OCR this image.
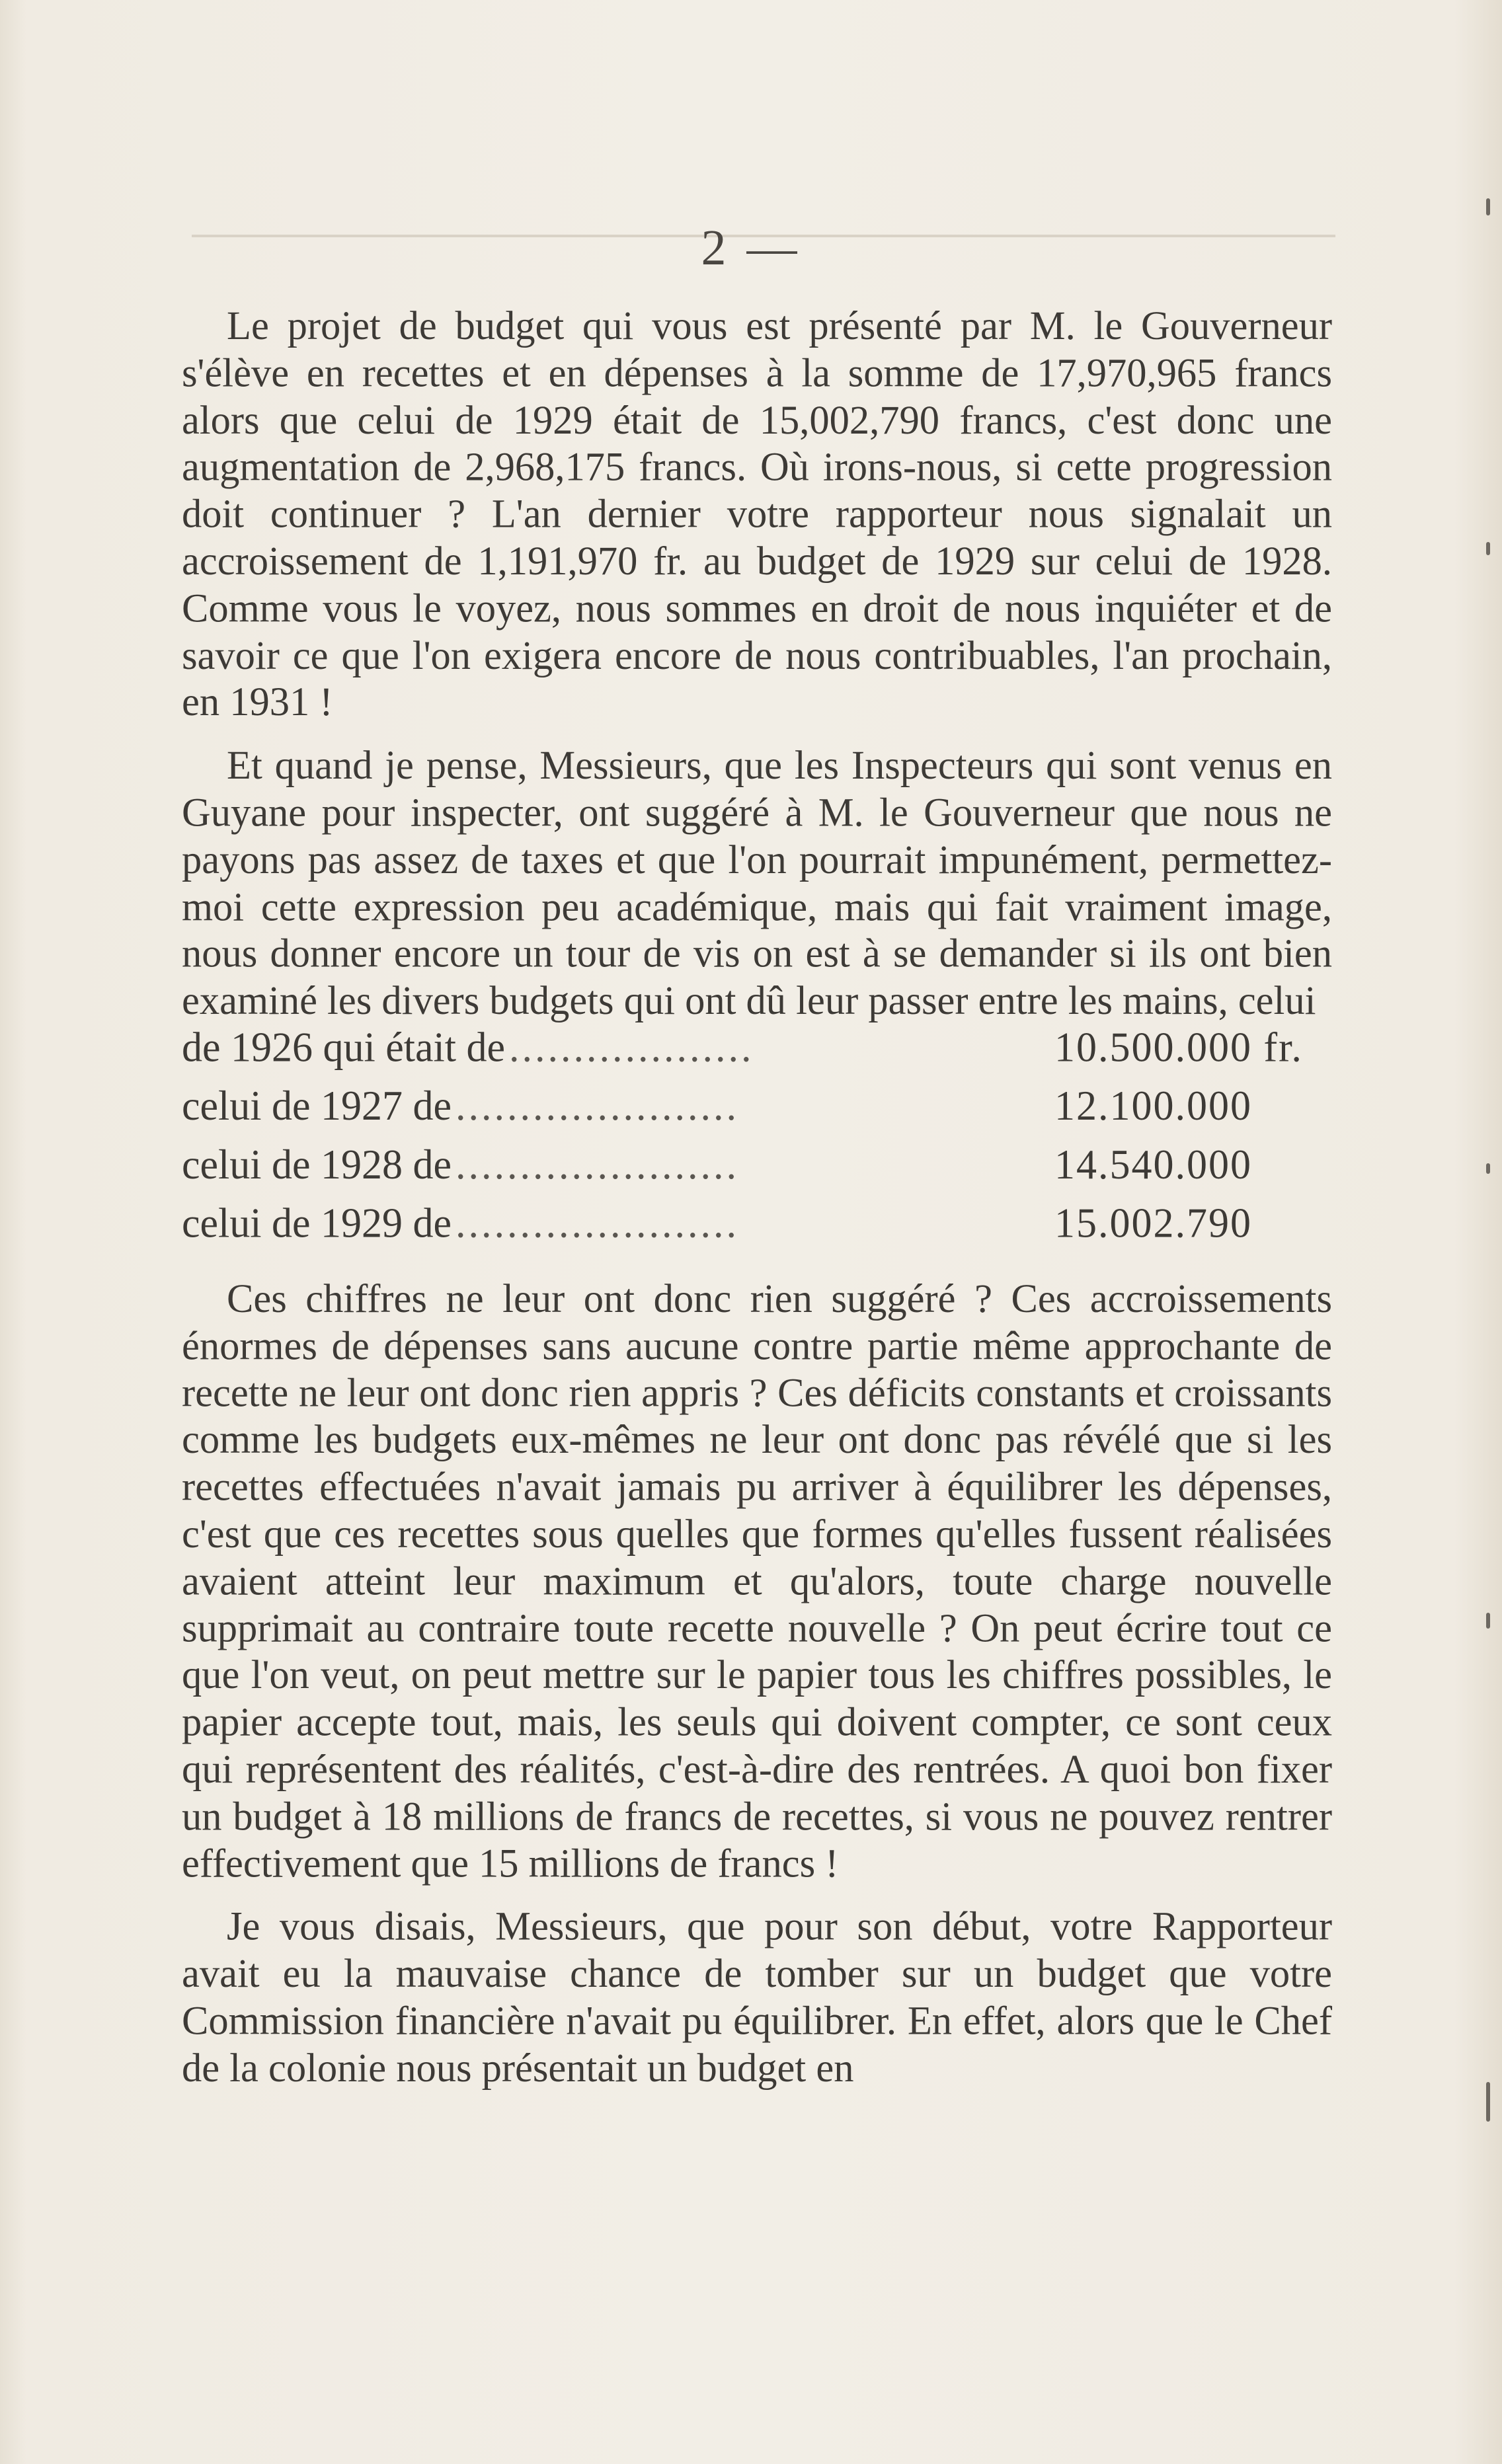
2 —

Le projet de budget qui vous est présenté par M. le Gouverneur s'élève en recettes et en dépenses à la somme de 17,970,965 francs alors que celui de 1929 était de 15,002,790 francs, c'est donc une augmentation de 2,968,175 francs. Où irons-nous, si cette progression doit continuer ? L'an dernier votre rapporteur nous signalait un accroissement de 1,191,970 fr. au budget de 1929 sur celui de 1928. Comme vous le voyez, nous sommes en droit de nous inquiéter et de savoir ce que l'on exigera encore de nous contribuables, l'an prochain, en 1931 !

Et quand je pense, Messieurs, que les Inspecteurs qui sont venus en Guyane pour inspecter, ont suggéré à M. le Gouverneur que nous ne payons pas assez de taxes et que l'on pourrait impunément, permettez-moi cette expression peu académique, mais qui fait vraiment image, nous donner encore un tour de vis on est à se demander si ils ont bien examiné les divers budgets qui ont dû leur passer entre les mains, celui

de 1926 qui était de ...................	10.500.000 fr.
celui de 1927 de ......................	12.100.000
celui de 1928 de ......................	14.540.000
celui de 1929 de ......................	15.002.790

Ces chiffres ne leur ont donc rien suggéré ? Ces accroissements énormes de dépenses sans aucune contre partie même approchante de recette ne leur ont donc rien appris ? Ces déficits constants et croissants comme les budgets eux-mêmes ne leur ont donc pas révélé que si les recettes effectuées n'avait jamais pu arriver à équilibrer les dépenses, c'est que ces recettes sous quelles que formes qu'elles fussent réalisées avaient atteint leur maximum et qu'alors, toute charge nouvelle supprimait au contraire toute recette nouvelle ? On peut écrire tout ce que l'on veut, on peut mettre sur le papier tous les chiffres possibles, le papier accepte tout, mais, les seuls qui doivent compter, ce sont ceux qui représentent des réalités, c'est-à-dire des rentrées. A quoi bon fixer un budget à 18 millions de francs de recettes, si vous ne pouvez rentrer effectivement que 15 millions de francs !

Je vous disais, Messieurs, que pour son début, votre Rapporteur avait eu la mauvaise chance de tomber sur un budget que votre Commission financière n'avait pu équilibrer. En effet, alors que le Chef de la colonie nous présentait un budget en
